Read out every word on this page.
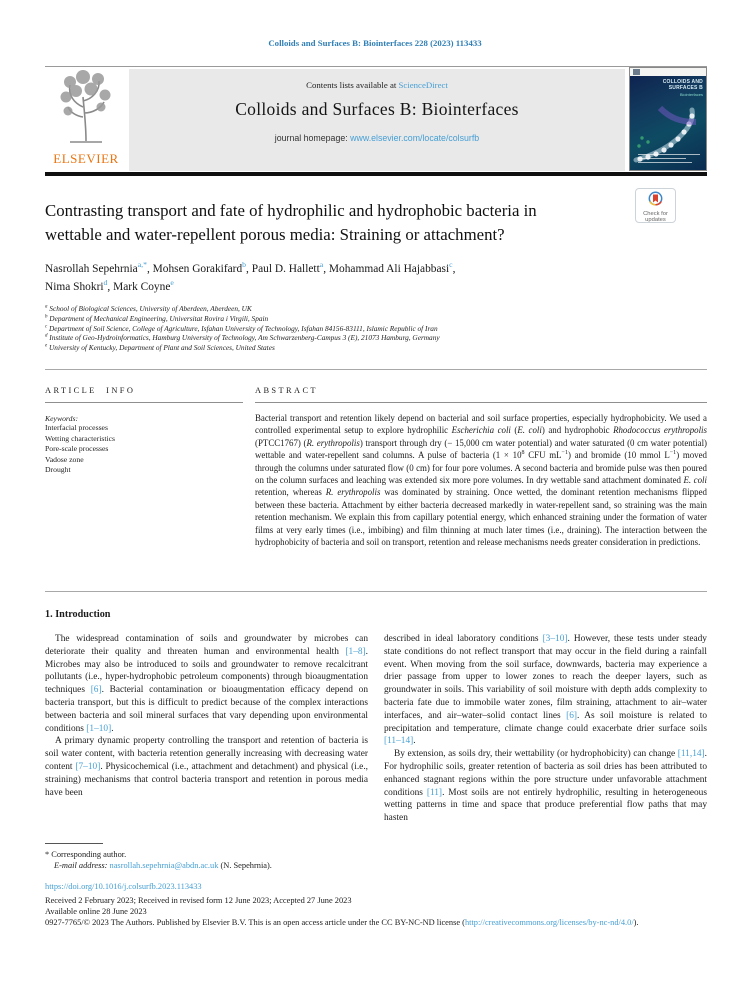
Colloids and Surfaces B: Biointerfaces 228 (2023) 113433
ELSEVIER
Contents lists available at ScienceDirect
Colloids and Surfaces B: Biointerfaces
journal homepage: www.elsevier.com/locate/colsurfb
COLLOIDS AND
SURFACES B
Biointerfaces
Check for
updates
Contrasting transport and fate of hydrophilic and hydrophobic bacteria in
wettable and water-repellent porous media: Straining or attachment?
Nasrollah Sepehrnia$^{a,*}$, Mohsen Gorakifard$^b$, Paul D. Hallett$^a$, Mohammad Ali Hajabbasi$^c$,
Nima Shokri$^d$, Mark Coyne$^e$
$^a$ School of Biological Sciences, University of Aberdeen, Aberdeen, UK
$^b$ Department of Mechanical Engineering, Universitat Rovira i Virgili, Spain
$^c$ Department of Soil Science, College of Agriculture, Isfahan University of Technology, Isfahan 84156-83111, Islamic Republic of Iran
$^d$ Institute of Geo-Hydroinformatics, Hamburg University of Technology, Am Schwarzenberg-Campus 3 (E), 21073 Hamburg, Germany
$^e$ University of Kentucky, Department of Plant and Soil Sciences, United States
ARTICLE INFO
Keywords:
Interfacial processes
Wetting characteristics
Pore-scale processes
Vadose zone
Drought
ABSTRACT
Bacterial transport and retention likely depend on bacterial and soil surface properties, especially hydrophobicity. We used a controlled experimental setup to explore hydrophilic Escherichia coli (E. coli) and hydrophobic Rhodococcus erythropolis (PTCC1767) (R. erythropolis) transport through dry (− 15,000 cm water potential) and water saturated (0 cm water potential) wettable and water-repellent sand columns. A pulse of bacteria ($1 \times 10^8$ CFU $mL^{-1}$) and bromide (10 mmol $L^{-1}$) moved through the columns under saturated flow (0 cm) for four pore volumes. A second bacteria and bromide pulse was then poured on the column surfaces and leaching was extended six more pore volumes. In dry wettable sand attachment dominated E. coli retention, whereas R. erythropolis was dominated by straining. Once wetted, the dominant retention mechanisms flipped between these bacteria. Attachment by either bacteria decreased markedly in water-repellent sand, so straining was the main retention mechanism. We explain this from capillary potential energy, which enhanced straining under the formation of water films at very early times (i.e., imbibing) and film thinning at much later times (i.e., draining). The interaction between the hydrophobicity of bacteria and soil on transport, retention and release mechanisms needs greater consideration in predictions.
1. Introduction

The widespread contamination of soils and groundwater by microbes can deteriorate their quality and threaten human and environmental health [1–8]. Microbes may also be introduced to soils and groundwater to remove recalcitrant pollutants (i.e., hyper-hydrophobic petroleum components) through bioaugmentation techniques [6]. Bacterial contamination or bioaugmentation efficacy depend on bacteria transport, but this is difficult to predict because of the complex interactions between bacteria and soil mineral surfaces that vary depending upon environmental conditions [1–10].

A primary dynamic property controlling the transport and retention of bacteria is soil water content, with bacteria retention generally increasing with decreasing water content [7–10]. Physicochemical (i.e., attachment and detachment) and physical (i.e., straining) mechanisms that control bacteria transport and retention in porous media have been

described in ideal laboratory conditions [3–10]. However, these tests under steady state conditions do not reflect transport that may occur in the field during a rainfall event. When moving from the soil surface, downwards, bacteria may experience a drier passage from upper to lower zones to reach the deeper layers, such as groundwater in soils. This variability of soil moisture with depth adds complexity to bacteria fate due to immobile water zones, film straining, attachment to air–water interfaces, and air–water–solid contact lines [6]. As soil moisture is related to precipitation and temperature, climate change could exacerbate drier surface soils [11–14].

By extension, as soils dry, their wettability (or hydrophobicity) can change [11,14]. For hydrophilic soils, greater retention of bacteria as soil dries has been attributed to enhanced stagnant regions within the pore structure under unfavorable attachment conditions [11]. Most soils are not entirely hydrophilic, resulting in heterogeneous wetting patterns in time and space that produce preferential flow paths that may hasten

* Corresponding author.
E-mail address: nasrollah.sepehrnia@abdn.ac.uk (N. Sepehrnia).
https://doi.org/10.1016/j.colsurfb.2023.113433
Received 2 February 2023; Received in revised form 12 June 2023; Accepted 27 June 2023
Available online 28 June 2023
0927-7765/© 2023 The Authors. Published by Elsevier B.V. This is an open access article under the CC BY-NC-ND license (http://creativecommons.org/licenses/by-nc-nd/4.0/).
